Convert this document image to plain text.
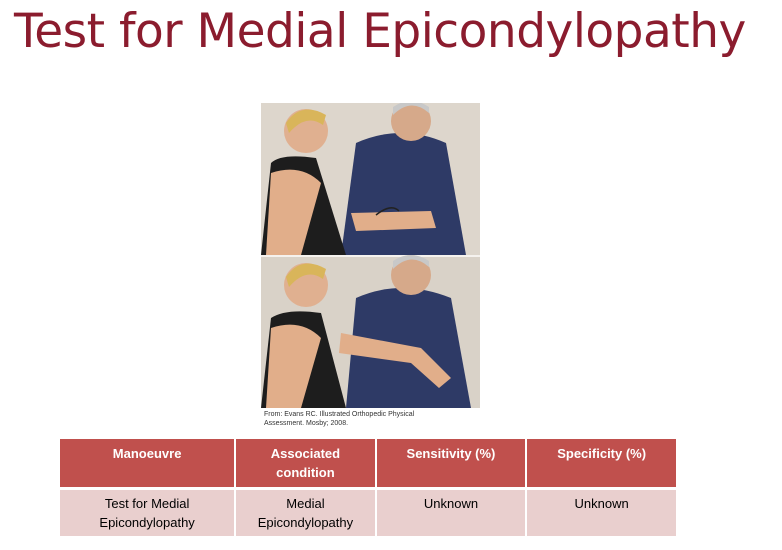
Test for Medial Epicondylopathy
From: Evans RC. Illustrated Orthopedic Physical
Assessment. Mosby; 2008.
Manoeuvre	Associated condition	Sensitivity (%)	Specificity (%)
Test for Medial Epicondylopathy	Medial Epicondylopathy	Unknown	Unknown
